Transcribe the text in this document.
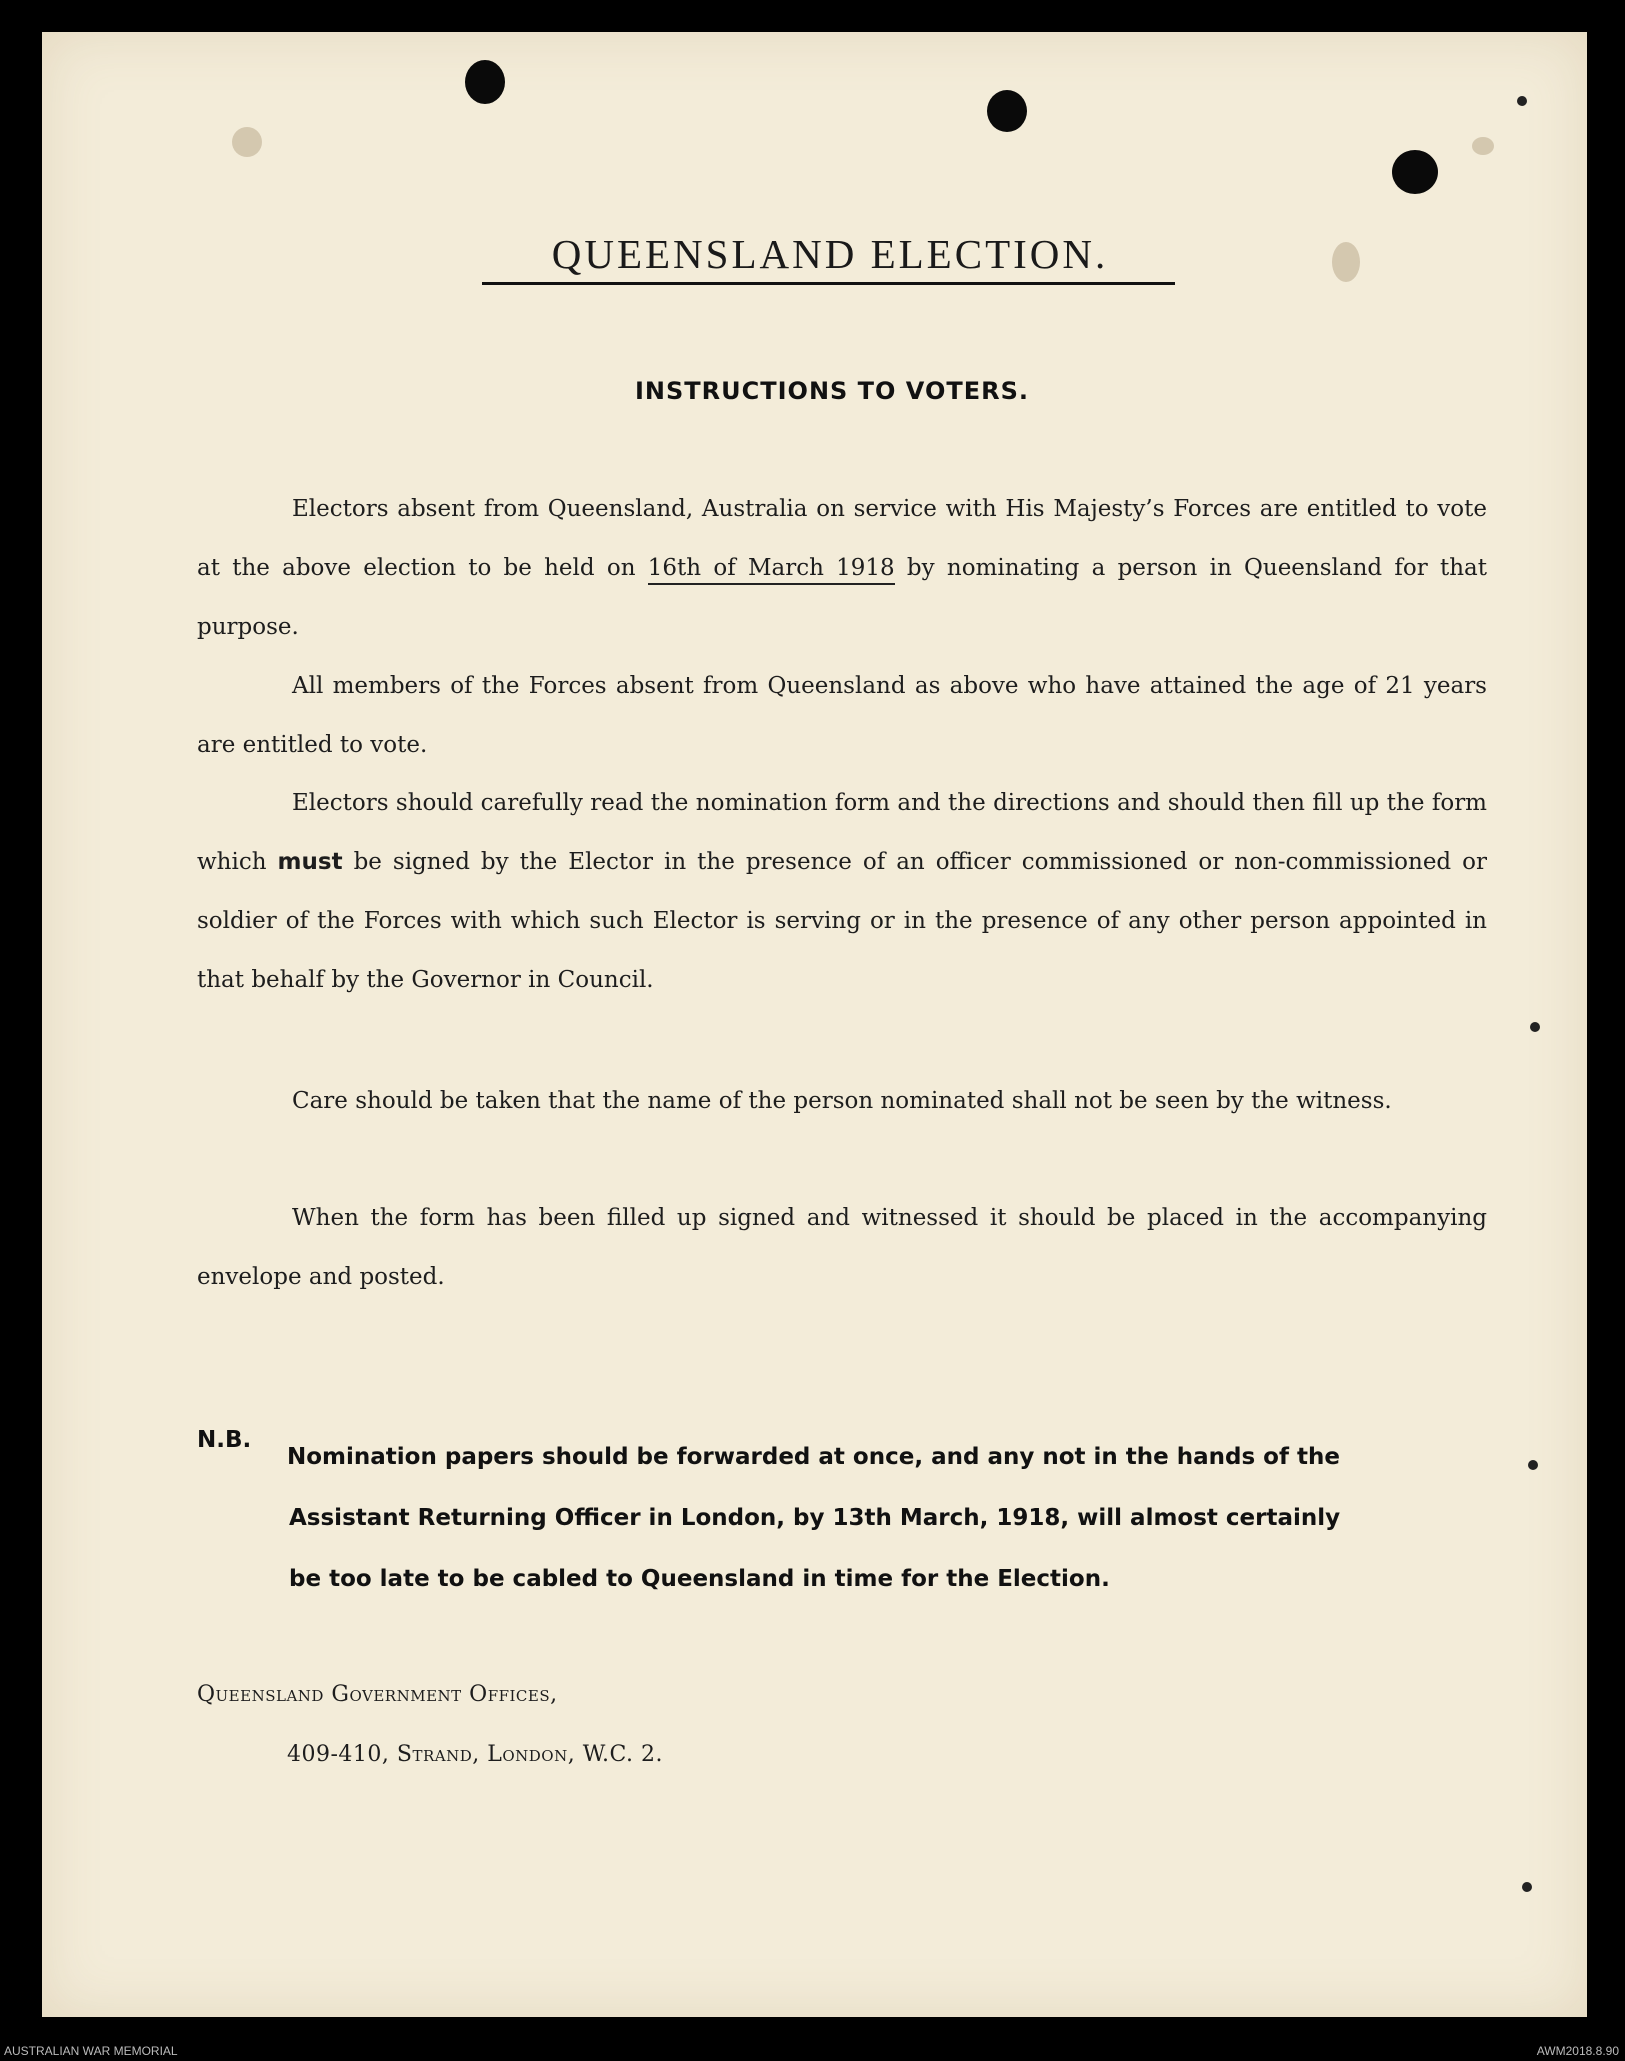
QUEENSLAND ELECTION.
INSTRUCTIONS TO VOTERS.
Electors absent from Queensland, Australia on service with His Majesty’s Forces are entitled to vote at the above election to be held on 16th of March 1918 by nominating a person in Queensland for that purpose.
All members of the Forces absent from Queensland as above who have attained the age of 21 years are entitled to vote.
Electors should carefully read the nomination form and the directions and should then fill up the form which must be signed by the Elector in the presence of an officer commissioned or non-commissioned or soldier of the Forces with which such Elector is serving or in the presence of any other person appointed in that behalf by the Governor in Council.
Care should be taken that the name of the person nominated shall not be seen by the witness.
When the form has been filled up signed and witnessed it should be placed in the accompanying envelope and posted.
N.B.
Nomination papers should be forwarded at once, and any not in the hands of the
Assistant Returning Officer in London, by 13th March, 1918, will almost certainly
be too late to be cabled to Queensland in time for the Election.
Queensland Government Offices,
409-410, Strand, London, W.C. 2.
AUSTRALIAN WAR MEMORIAL	AWM2018.8.90
